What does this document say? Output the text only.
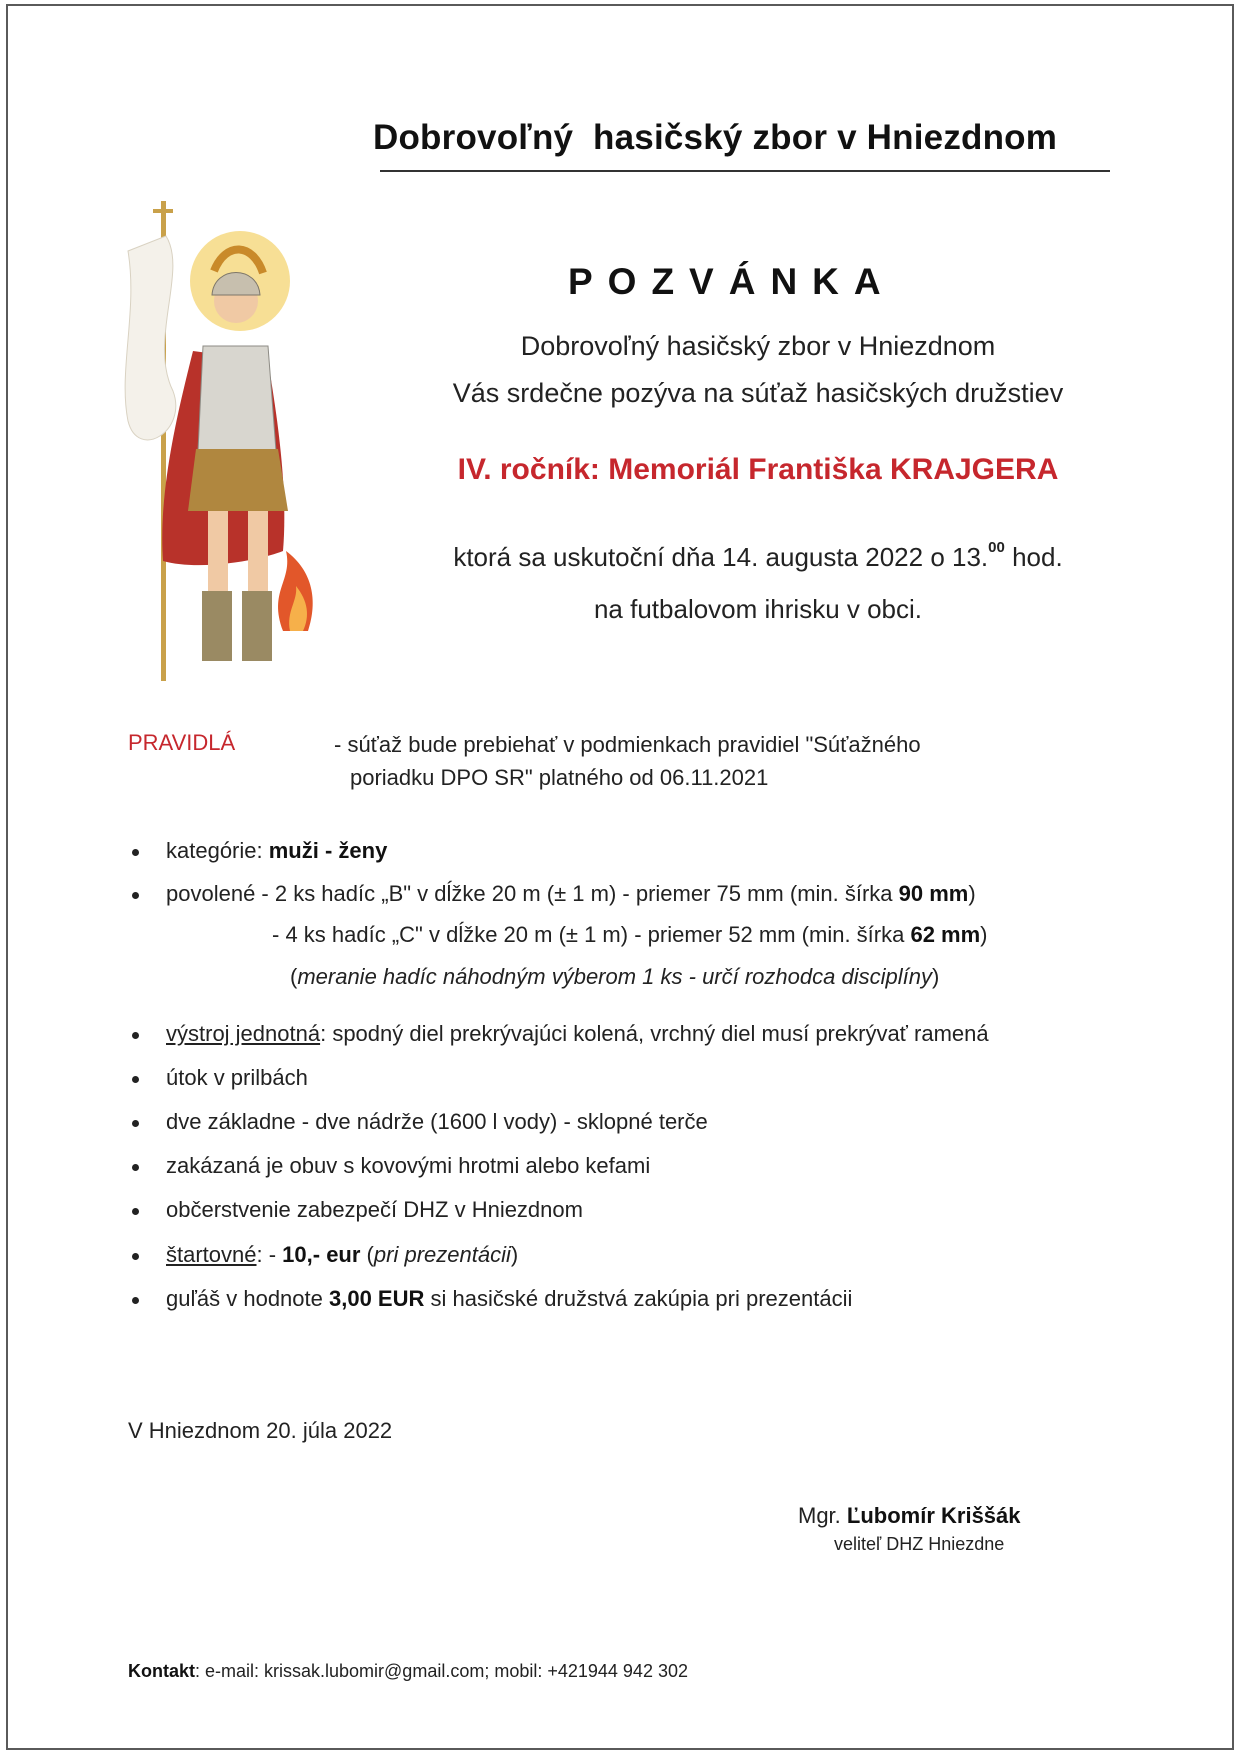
Dobrovoľný  hasičský zbor v Hniezdnom
POZVÁNKA
Dobrovoľný hasičský zbor v Hniezdnom
Vás srdečne pozýva na súťaž hasičských družstiev
IV. ročník: Memoriál Františka KRAJGERA
ktorá sa uskutoční dňa 14. augusta 2022 o 13.00 hod.
na futbalovom ihrisku v obci.
PRAVIDLÁ	- súťaž bude prebiehať v podmienkach pravidiel "Súťažného
poriadku DPO SR" platného od 06.11.2021
kategórie: muži - ženy
povolené - 2 ks hadíc „B" v dĺžke 20 m (± 1 m) - priemer 75 mm (min. šírka 90 mm)
- 4 ks hadíc „C" v dĺžke 20 m (± 1 m) - priemer 52 mm (min. šírka 62 mm)
(meranie hadíc náhodným výberom 1 ks - určí rozhodca disciplíny)
výstroj jednotná: spodný diel prekrývajúci kolená, vrchný diel musí prekrývať ramená
útok v prilbách
dve základne - dve nádrže (1600 l vody) - sklopné terče
zakázaná je obuv s kovovými hrotmi alebo kefami
občerstvenie zabezpečí DHZ v Hniezdnom
štartovné: - 10,- eur (pri prezentácii)
guľáš v hodnote 3,00 EUR si hasičské družstvá zakúpia pri prezentácii
V Hniezdnom 20. júla 2022
Mgr. Ľubomír Kriššák
veliteľ DHZ Hniezdne
Kontakt: e-mail: krissak.lubomir@gmail.com; mobil: +421944 942 302
